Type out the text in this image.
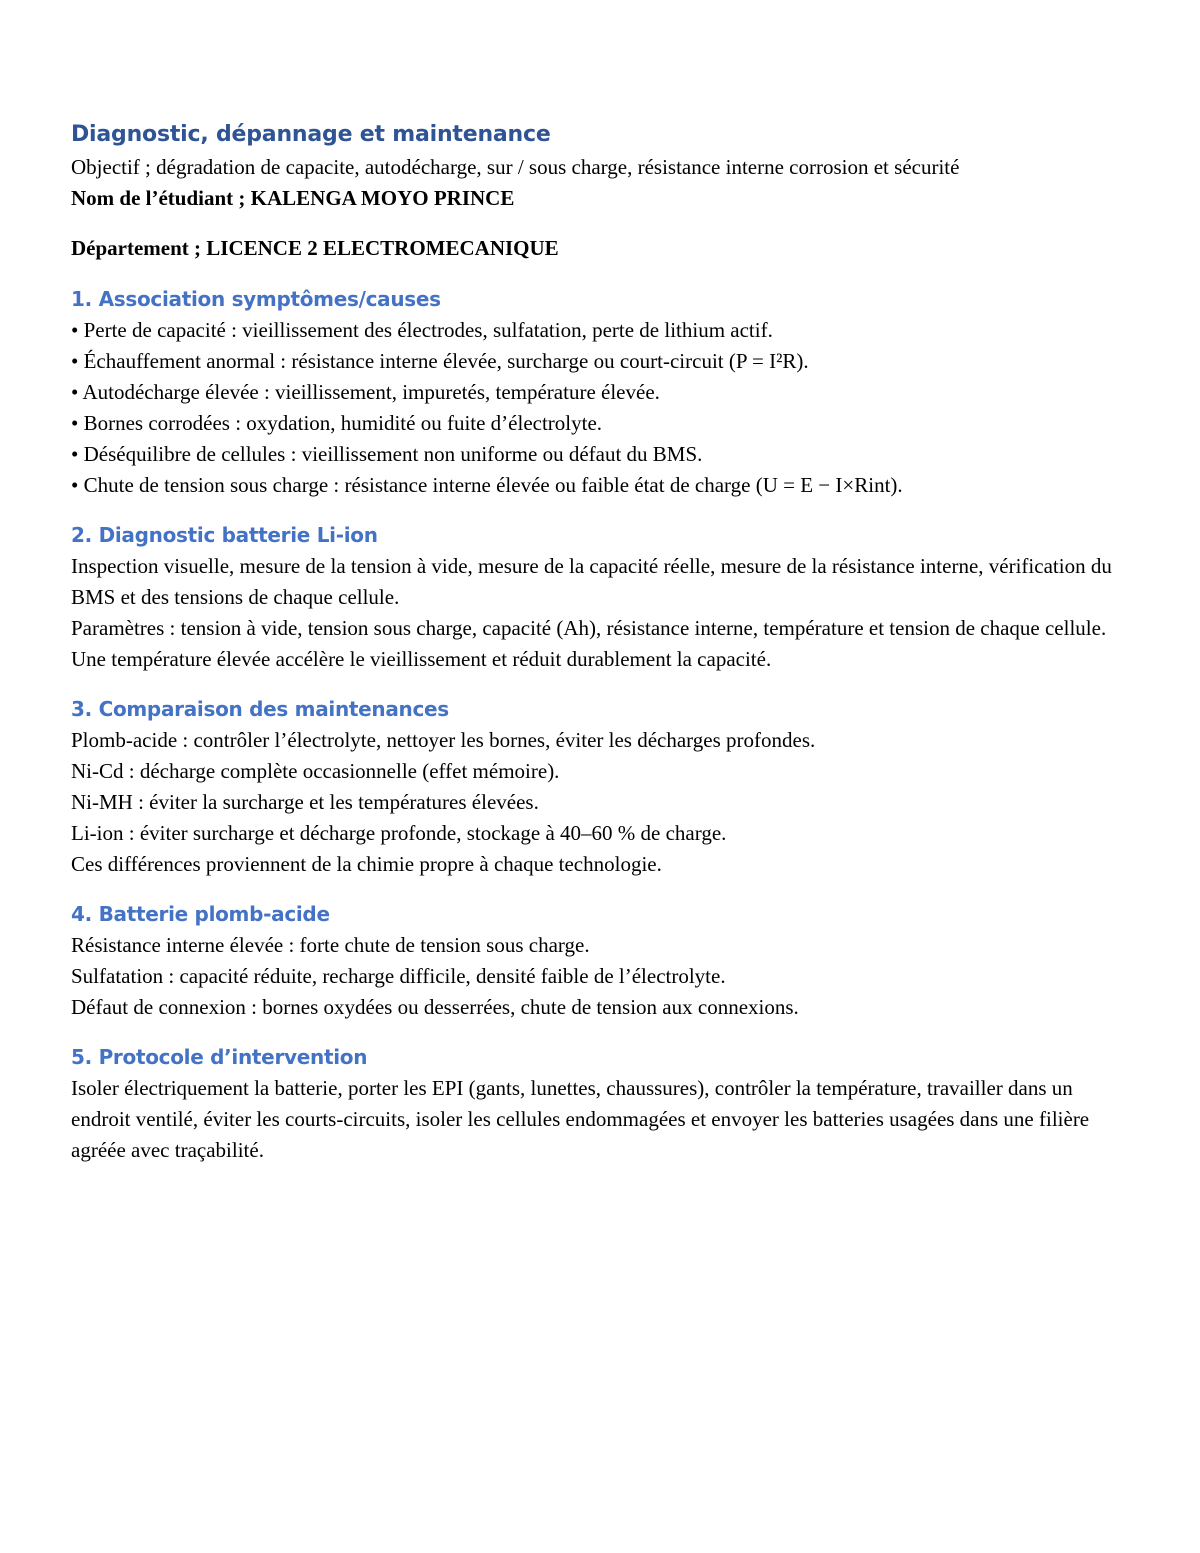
Diagnostic, dépannage et maintenance

Objectif ; dégradation de capacite, autodécharge, sur / sous charge, résistance interne corrosion et sécurité

Nom de l’étudiant ; KALENGA MOYO PRINCE

Département ; LICENCE 2 ELECTROMECANIQUE

1. Association symptômes/causes

• Perte de capacité : vieillissement des électrodes, sulfatation, perte de lithium actif.

• Échauffement anormal : résistance interne élevée, surcharge ou court-circuit (P = I²R).

• Autodécharge élevée : vieillissement, impuretés, température élevée.

• Bornes corrodées : oxydation, humidité ou fuite d’électrolyte.

• Déséquilibre de cellules : vieillissement non uniforme ou défaut du BMS.

• Chute de tension sous charge : résistance interne élevée ou faible état de charge (U = E − I×Rint).

2. Diagnostic batterie Li-ion

Inspection visuelle, mesure de la tension à vide, mesure de la capacité réelle, mesure de la résistance interne, vérification du BMS et des tensions de chaque cellule.

Paramètres : tension à vide, tension sous charge, capacité (Ah), résistance interne, température et tension de chaque cellule.

Une température élevée accélère le vieillissement et réduit durablement la capacité.

3. Comparaison des maintenances

Plomb-acide : contrôler l’électrolyte, nettoyer les bornes, éviter les décharges profondes.

Ni-Cd : décharge complète occasionnelle (effet mémoire).

Ni-MH : éviter la surcharge et les températures élevées.

Li-ion : éviter surcharge et décharge profonde, stockage à 40–60 % de charge.

Ces différences proviennent de la chimie propre à chaque technologie.

4. Batterie plomb-acide

Résistance interne élevée : forte chute de tension sous charge.

Sulfatation : capacité réduite, recharge difficile, densité faible de l’électrolyte.

Défaut de connexion : bornes oxydées ou desserrées, chute de tension aux connexions.

5. Protocole d’intervention

Isoler électriquement la batterie, porter les EPI (gants, lunettes, chaussures), contrôler la température, travailler dans un endroit ventilé, éviter les courts-circuits, isoler les cellules endommagées et envoyer les batteries usagées dans une filière agréée avec traçabilité.
